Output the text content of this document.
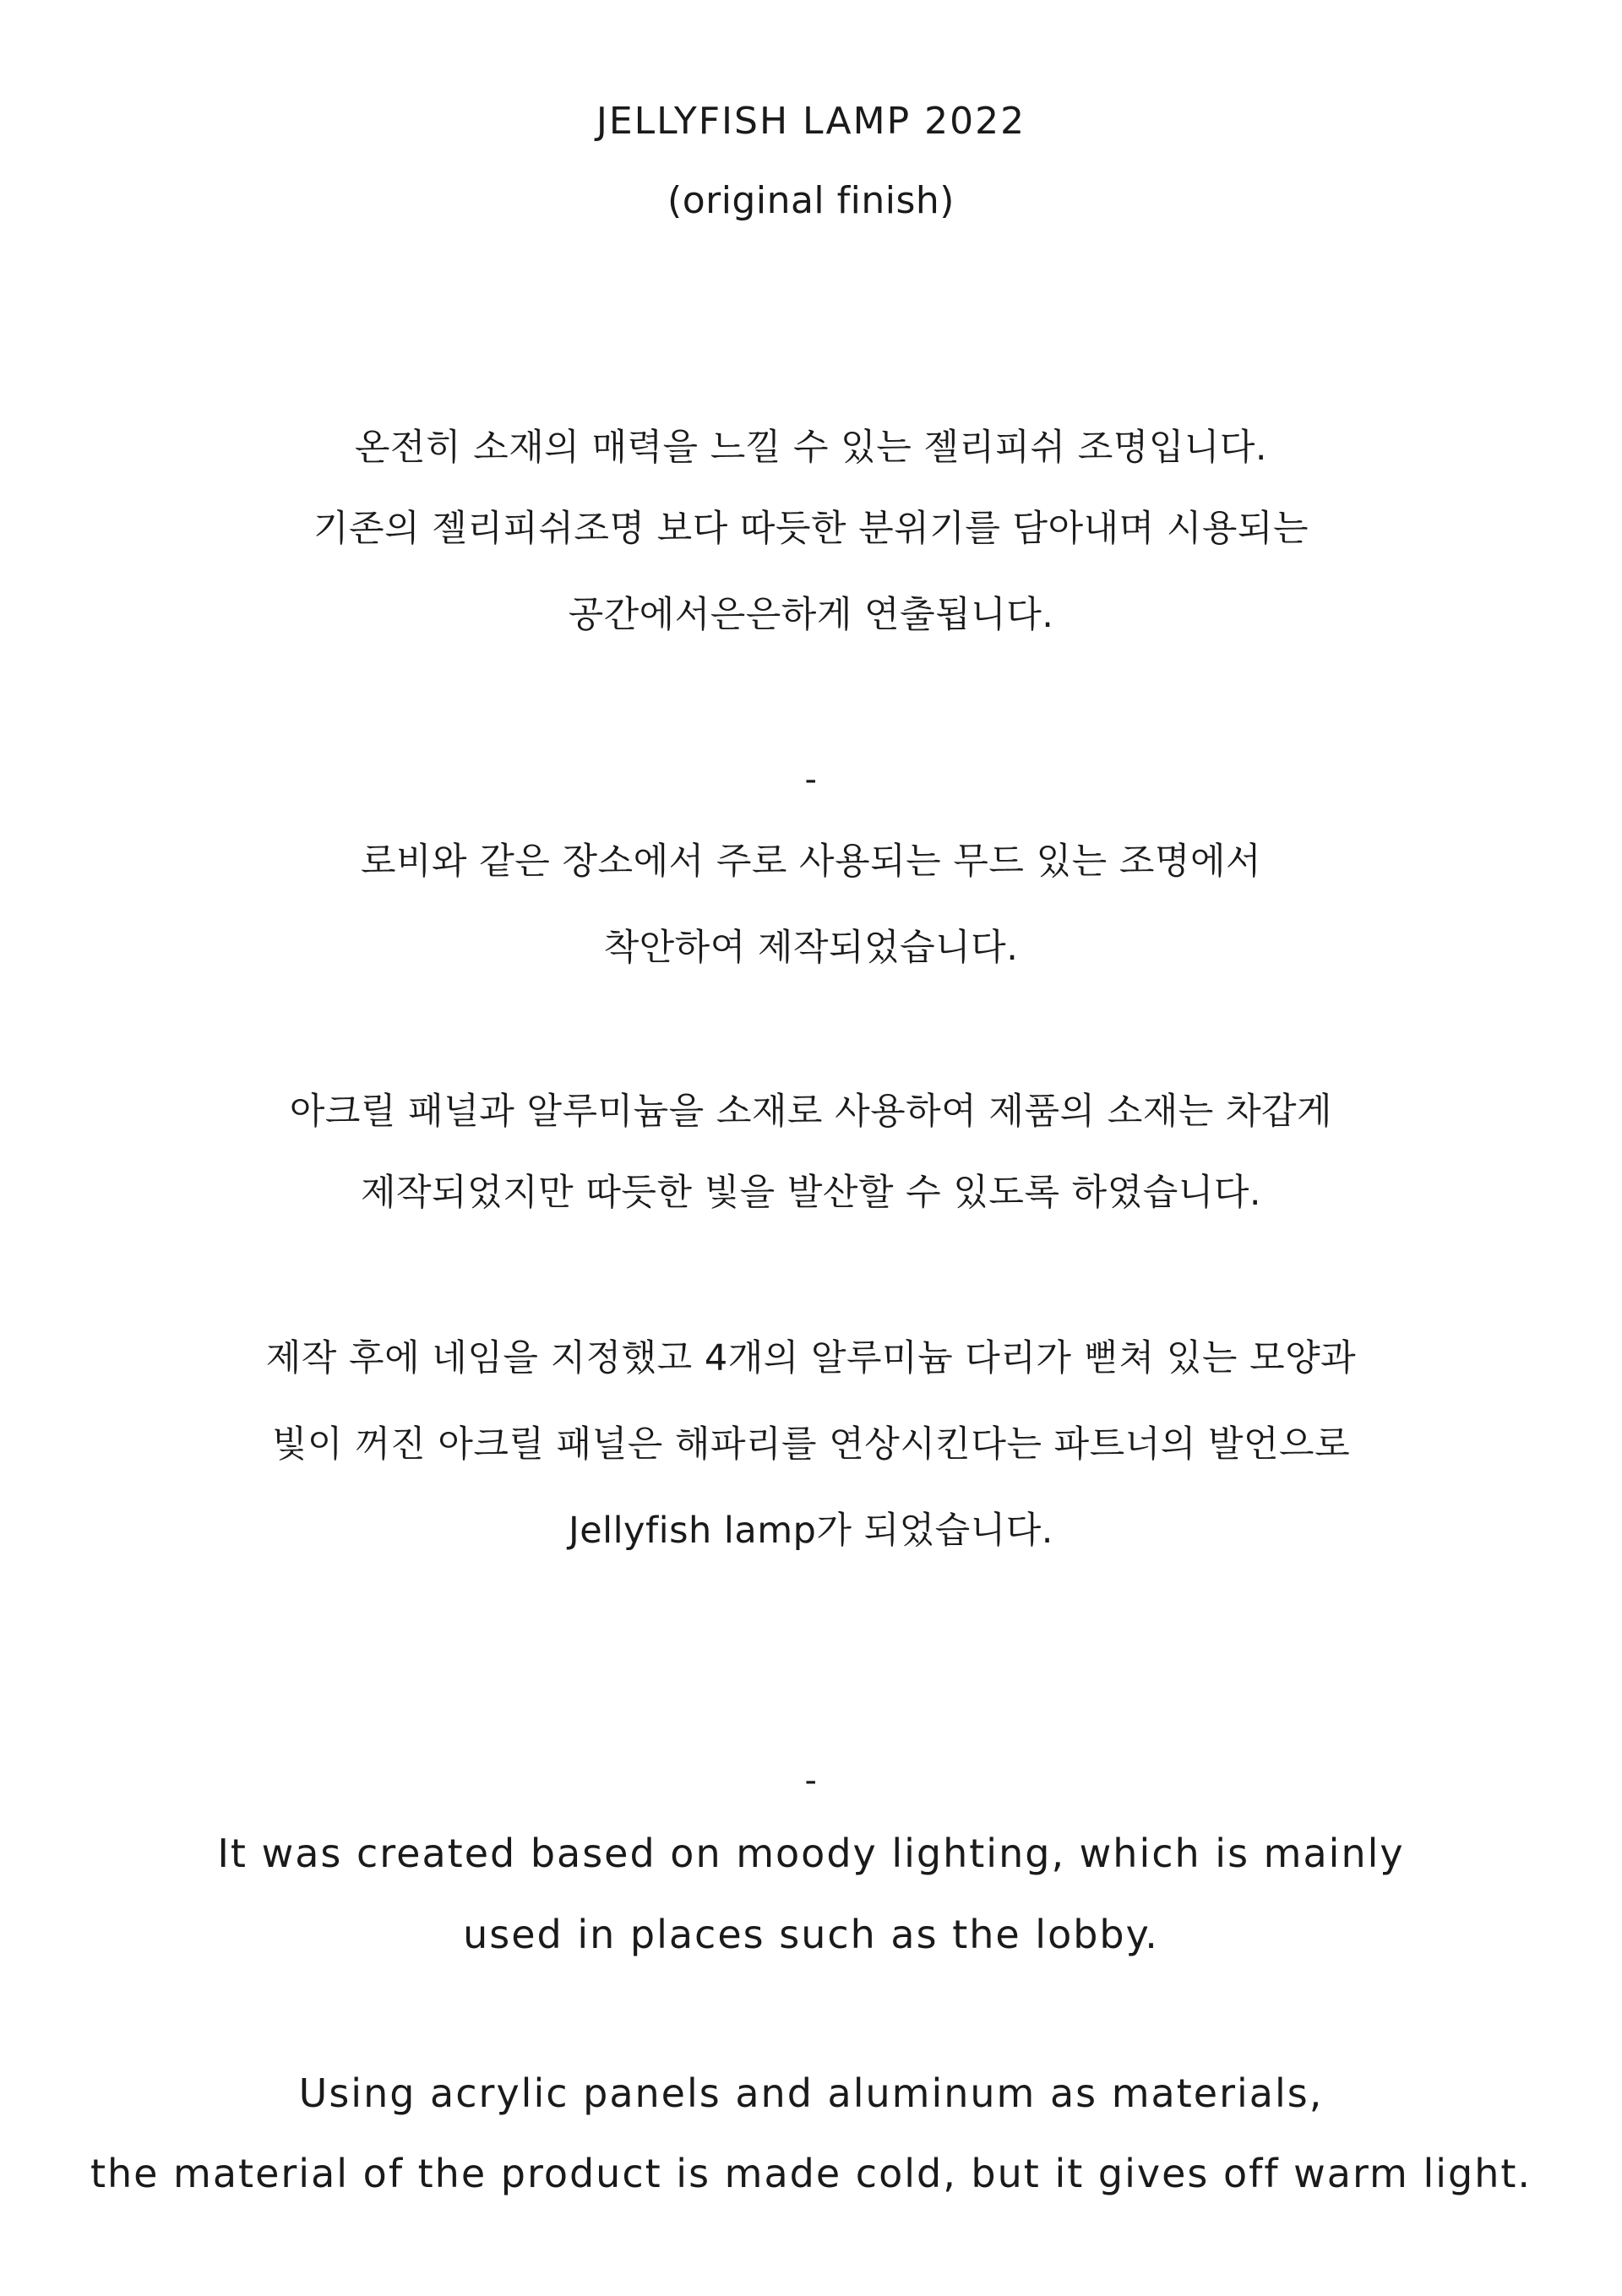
JELLYFISH LAMP 2022
(original finish)
온전히 소재의 매력을 느낄 수 있는 젤리피쉬 조명입니다.
기존의 젤리피쉬조명 보다 따듯한 분위기를 담아내며 시용되는
공간에서은은하게 연출됩니다.
-
로비와 같은 장소에서 주로 사용되는 무드 있는 조명에서
착안하여 제작되었습니다.
아크릴 패널과 알루미늄을 소재로 사용하여 제품의 소재는 차갑게
제작되었지만 따듯한 빛을 발산할 수 있도록 하였습니다.
제작 후에 네임을 지정했고 4개의 알루미늄 다리가 뻗쳐 있는 모양과
빛이 꺼진 아크릴 패널은 해파리를 연상시킨다는 파트너의 발언으로
Jellyfish lamp가 되었습니다.
-
It was created based on moody lighting, which is mainly
used in places such as the lobby.
Using acrylic panels and aluminum as materials,
the material of the product is made cold, but it gives off warm light.
